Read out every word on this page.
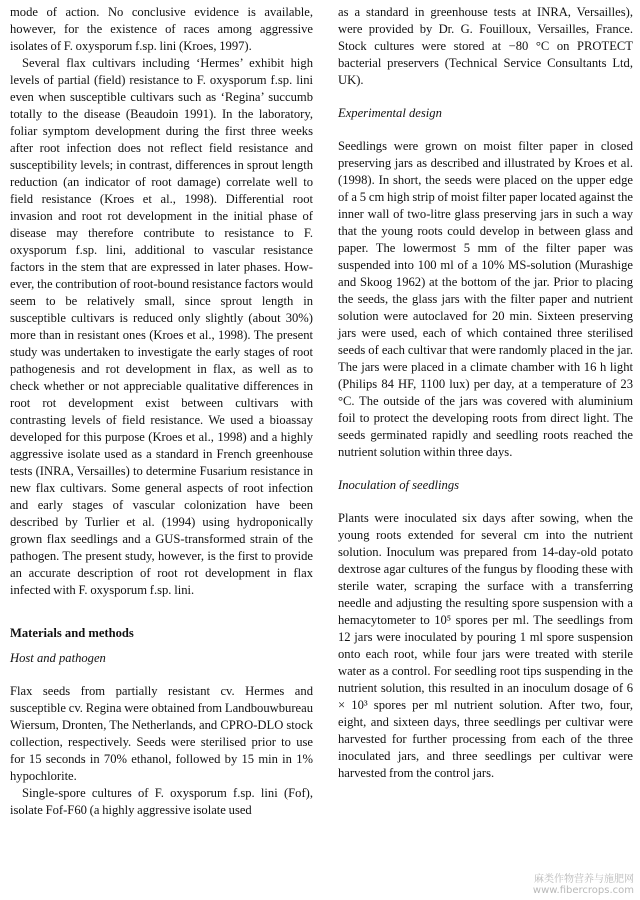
mode of action. No conclusive evidence is available, however, for the existence of races among aggressive isolates of F. oxysporum f.sp. lini (Kroes, 1997).

Several flax cultivars including ‘Hermes’ exhibit high levels of partial (field) resistance to F. oxysporum f.sp. lini even when susceptible cultivars such as ‘Regina’ succumb totally to the disease (Beaudoin 1991). In the laboratory, foliar symptom development during the first three weeks after root infection does not reflect field resistance and susceptibility levels; in contrast, differences in sprout length reduction (an indicator of root damage) correlate well to field resistance (Kroes et al., 1998). Differential root invasion and root rot development in the initial phase of disease may therefore contribute to resistance to F. oxysporum f.sp. lini, additional to vascular resistance factors in the stem that are expressed in later phases. However, the contribution of root-bound resistance factors would seem to be relatively small, since sprout length in susceptible cultivars is reduced only slightly (about 30%) more than in resistant ones (Kroes et al., 1998). The present study was undertaken to investigate the early stages of root pathogenesis and rot development in flax, as well as to check whether or not appreciable qualitative differences in root rot development exist between cultivars with contrasting levels of field resistance. We used a bioassay developed for this purpose (Kroes et al., 1998) and a highly aggressive isolate used as a standard in French greenhouse tests (INRA, Versailles) to determine Fusarium resistance in new flax cultivars. Some general aspects of root infection and early stages of vascular colonization have been described by Turlier et al. (1994) using hydroponically grown flax seedlings and a GUS-transformed strain of the pathogen. The present study, however, is the first to provide an accurate description of root rot development in flax infected with F. oxysporum f.sp. lini.

Materials and methods
Host and pathogen

Flax seeds from partially resistant cv. Hermes and susceptible cv. Regina were obtained from Landbouwbureau Wiersum, Dronten, The Netherlands, and CPRO-DLO stock collection, respectively. Seeds were sterilised prior to use for 15 seconds in 70% ethanol, followed by 15 min in 1% hypochlorite.

Single-spore cultures of F. oxysporum f.sp. lini (Fof), isolate Fof-F60 (a highly aggressive isolate used

as a standard in greenhouse tests at INRA, Versailles), were provided by Dr. G. Fouilloux, Versailles, France. Stock cultures were stored at −80 °C on PROTECT bacterial preservers (Technical Service Consultants Ltd, UK).

Experimental design

Seedlings were grown on moist filter paper in closed preserving jars as described and illustrated by Kroes et al. (1998). In short, the seeds were placed on the upper edge of a 5 cm high strip of moist filter paper located against the inner wall of two-litre glass preserving jars in such a way that the young roots could develop in between glass and paper. The lowermost 5 mm of the filter paper was suspended into 100 ml of a 10% MS-solution (Murashige and Skoog 1962) at the bottom of the jar. Prior to placing the seeds, the glass jars with the filter paper and nutrient solution were autoclaved for 20 min. Sixteen preserving jars were used, each of which contained three sterilised seeds of each cultivar that were randomly placed in the jar. The jars were placed in a climate chamber with 16 h light (Philips 84 HF, 1100 lux) per day, at a temperature of 23 °C. The outside of the jars was covered with aluminium foil to protect the developing roots from direct light. The seeds germinated rapidly and seedling roots reached the nutrient solution within three days.

Inoculation of seedlings

Plants were inoculated six days after sowing, when the young roots extended for several cm into the nutrient solution. Inoculum was prepared from 14-day-old potato dextrose agar cultures of the fungus by flooding these with sterile water, scraping the surface with a transferring needle and adjusting the resulting spore suspension with a hemacytometer to 10⁵ spores per ml. The seedlings from 12 jars were inoculated by pouring 1 ml spore suspension onto each root, while four jars were treated with sterile water as a control. For seedling root tips suspending in the nutrient solution, this resulted in an inoculum dosage of 6 × 10³ spores per ml nutrient solution. After two, four, eight, and sixteen days, three seedlings per cultivar were harvested for further processing from each of the three inoculated jars, and three seedlings per cultivar were harvested from the control jars.

麻类作物营养与施肥网
www.fibercrops.com
